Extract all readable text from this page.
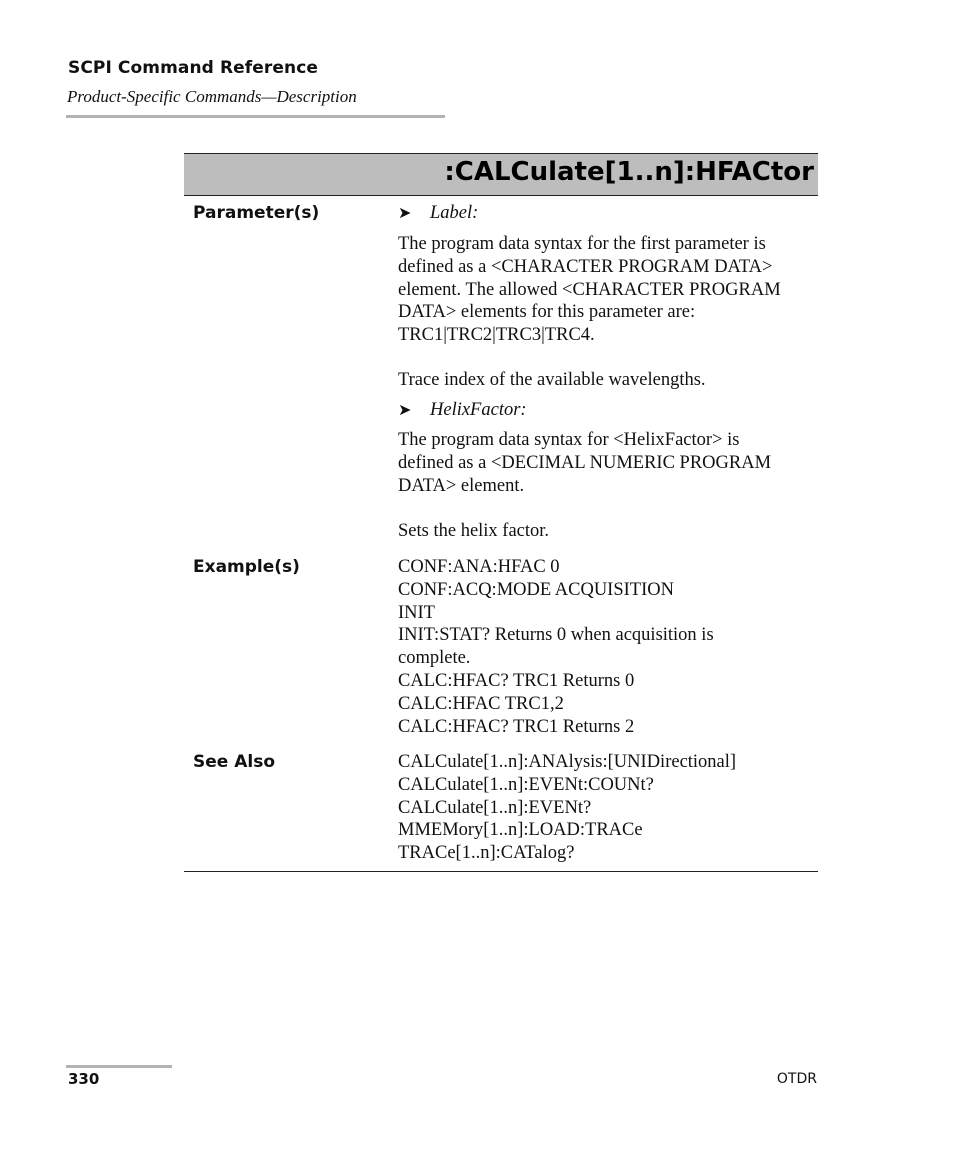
SCPI Command Reference
Product-Specific Commands—Description
:CALCulate[1..n]:HFACtor
Parameter(s)	➤	Label:

The program data syntax for the first parameter is

defined as a <CHARACTER PROGRAM DATA>

element. The allowed <CHARACTER PROGRAM

DATA> elements for this parameter are:

TRC1|TRC2|TRC3|TRC4.

Trace index of the available wavelengths.

➤	HelixFactor:

The program data syntax for <HelixFactor> is

defined as a <DECIMAL NUMERIC PROGRAM

DATA> element.

Sets the helix factor.

Example(s)	CONF:ANA:HFAC 0

CONF:ACQ:MODE ACQUISITION

INIT

INIT:STAT? Returns 0 when acquisition is

complete.

CALC:HFAC? TRC1 Returns 0

CALC:HFAC TRC1,2

CALC:HFAC? TRC1 Returns 2

See Also	CALCulate[1..n]:ANAlysis:[UNIDirectional]

CALCulate[1..n]:EVENt:COUNt?

CALCulate[1..n]:EVENt?

MMEMory[1..n]:LOAD:TRACe

TRACe[1..n]:CATalog?

330	OTDR
